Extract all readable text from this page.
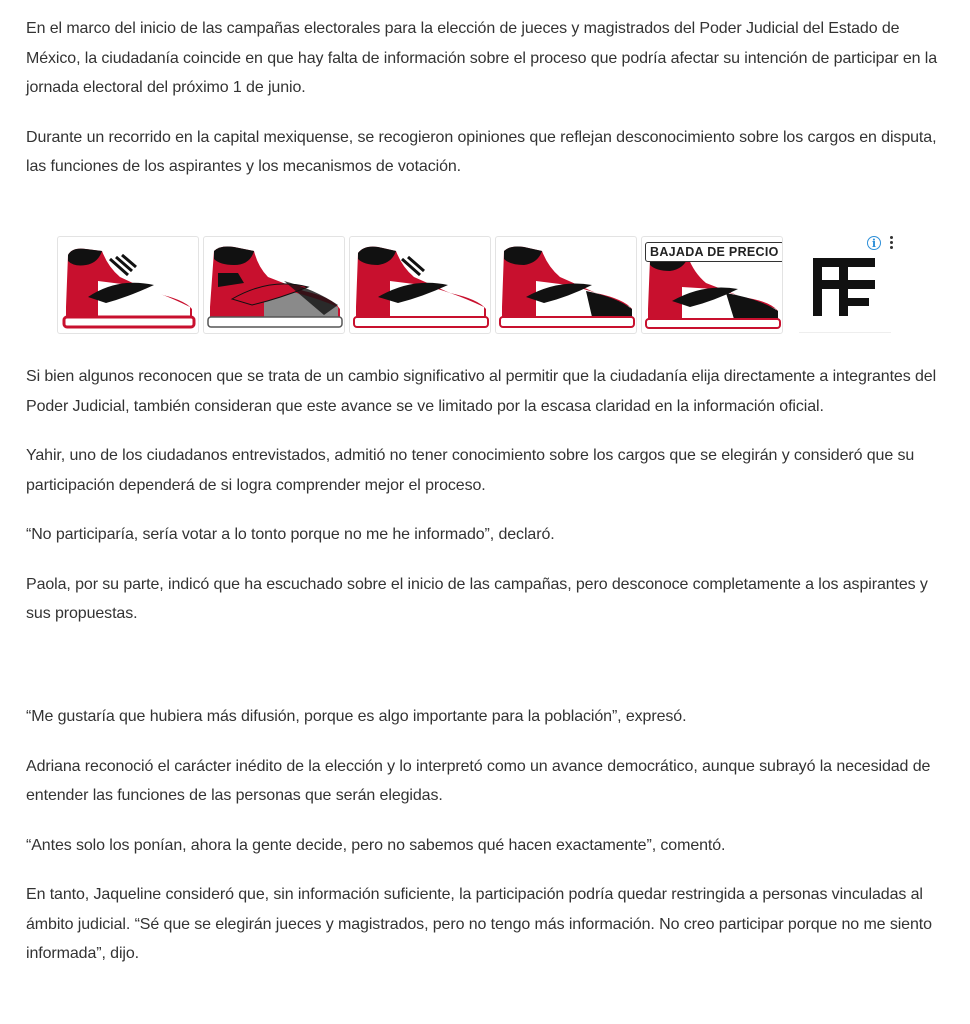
En el marco del inicio de las campañas electorales para la elección de jueces y magistrados del Poder Judicial del Estado de México, la ciudadanía coincide en que hay falta de información sobre el proceso que podría afectar su intención de participar en la jornada electoral del próximo 1 de junio.

Durante un recorrido en la capital mexiquense, se recogieron opiniones que reflejan desconocimiento sobre los cargos en disputa, las funciones de los aspirantes y los mecanismos de votación.

BAJADA DE PRECIO
i

Si bien algunos reconocen que se trata de un cambio significativo al permitir que la ciudadanía elija directamente a integrantes del Poder Judicial, también consideran que este avance se ve limitado por la escasa claridad en la información oficial.

Yahir, uno de los ciudadanos entrevistados, admitió no tener conocimiento sobre los cargos que se elegirán y consideró que su participación dependerá de si logra comprender mejor el proceso.

“No participaría, sería votar a lo tonto porque no me he informado”, declaró.

Paola, por su parte, indicó que ha escuchado sobre el inicio de las campañas, pero desconoce completamente a los aspirantes y sus propuestas.

“Me gustaría que hubiera más difusión, porque es algo importante para la población”, expresó.

Adriana reconoció el carácter inédito de la elección y lo interpretó como un avance democrático, aunque subrayó la necesidad de entender las funciones de las personas que serán elegidas.

“Antes solo los ponían, ahora la gente decide, pero no sabemos qué hacen exactamente”, comentó.

En tanto, Jaqueline consideró que, sin información suficiente, la participación podría quedar restringida a personas vinculadas al ámbito judicial. “Sé que se elegirán jueces y magistrados, pero no tengo más información. No creo participar porque no me siento informada”, dijo.
